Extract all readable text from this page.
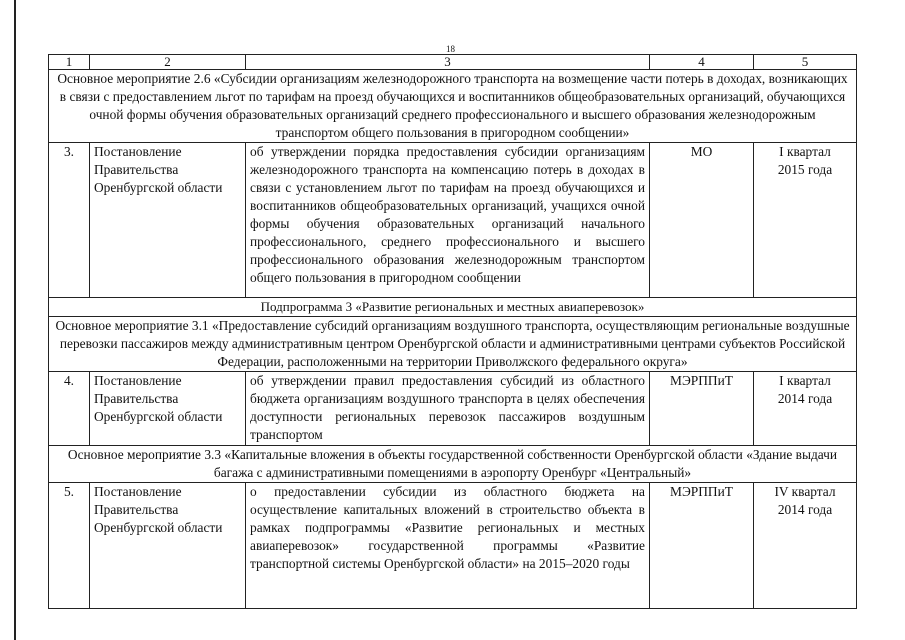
18
1	2	3	4	5
Основное мероприятие 2.6 «Субсидии организациям железнодорожного транспорта на возмещение части потерь в доходах, возникающих в связи с предоставлением льгот по тарифам на проезд обучающихся и воспитанников общеобразовательных организаций, обучающихся очной формы обучения образовательных организаций среднего профессионального и высшего образования железнодорожным транспортом общего пользования в пригородном сообщении»				
3.	Постановление Правительства Оренбургской области	об утверждении порядка предоставления субсидии организациям железнодорожного транспорта на компенсацию потерь в доходах в связи с установлением льгот по тарифам на проезд обучающихся и воспитанников общеобразовательных организаций, учащихся очной формы обучения образовательных организаций начального профессионального, среднего профессионального и высшего профессионального образования железнодорожным транспортом общего пользования в пригородном сообщении	МО	I квартал 2015 года
Подпрограмма 3 «Развитие региональных и местных авиаперевозок»				
Основное мероприятие 3.1 «Предоставление субсидий организациям воздушного транспорта, осуществляющим региональные воздушные перевозки пассажиров между административным центром Оренбургской области и административными центрами субъектов Российской Федерации, расположенными на территории Приволжского федерального округа»				
4.	Постановление Правительства Оренбургской области	об утверждении правил предоставления субсидий из областного бюджета организациям воздушного транспорта в целях обеспечения доступности региональных перевозок пассажиров воздушным транспортом	МЭРППиТ	I квартал 2014 года
Основное мероприятие 3.3 «Капитальные вложения в объекты государственной собственности Оренбургской области «Здание выдачи багажа с административными помещениями в аэропорту Оренбург «Центральный»				
5.	Постановление Правительства Оренбургской области	о предоставлении субсидии из областного бюджета на осуществление капитальных вложений в строительство объекта в рамках подпрограммы «Развитие региональных и местных авиаперевозок» государственной программы «Развитие транспортной системы Оренбургской области» на 2015–2020 годы	МЭРППиТ	IV квартал 2014 года
